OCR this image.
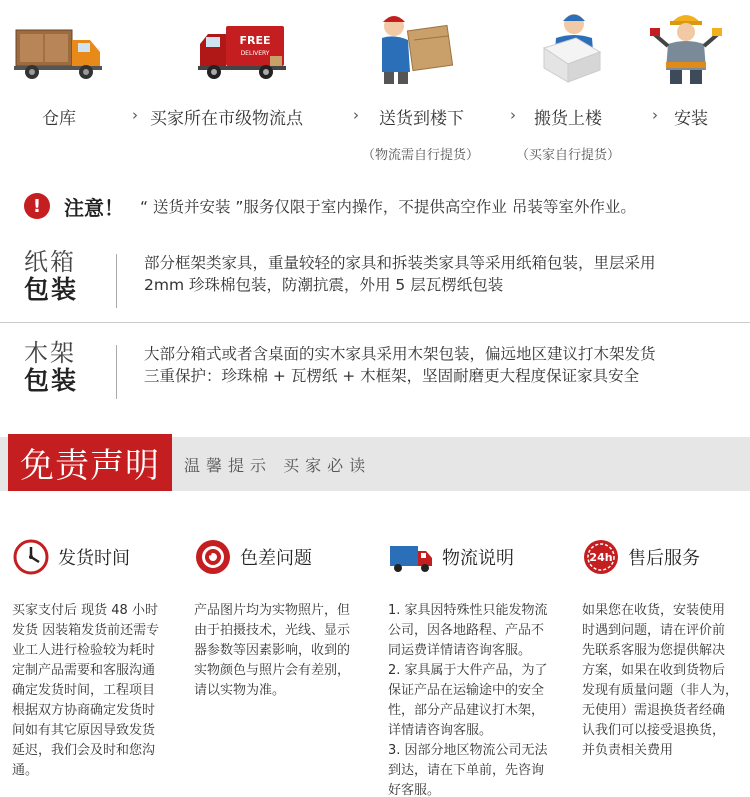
仓库	›
FREE
DELIVERY
买家所在市级物流点	› 送货到楼下
（物流需自行提货）
› 搬货上楼
（买家自行提货）
› 安装
!	注意！ “ 送货并安装 ”服务仅限于室内操作，不提供高空作业 吊装等室外作业。
纸箱
包装
部分框架类家具，重量较轻的家具和拆装类家具等采用纸箱包装，里层采用
2mm 珍珠棉包装，防潮抗震，外用 5 层瓦楞纸包装
木架
包装
大部分箱式或者含桌面的实木家具采用木架包装，偏远地区建议打木架发货
三重保护：珍珠棉 + 瓦楞纸 + 木框架，坚固耐磨更大程度保证家具安全
免责声明	温馨提示 买家必读
发货时间

买家支付后 现货 48 小时

发货 因装箱发货前还需专

业工人进行检验较为耗时

定制产品需要和客服沟通

确定发货时间，工程项目

根据双方协商确定发货时

间如有其它原因导致发货

延迟，我们会及时和您沟

通。

色差问题

产品图片均为实物照片，但

由于拍摄技术，光线、显示

器参数等因素影响，收到的

实物颜色与照片会有差别，

请以实物为准。

物流说明

1. 家具因特殊性只能发物流

公司，因各地路程、产品不

同运费详情请咨询客服。

2. 家具属于大件产品，为了

保证产品在运输途中的安全

性，部分产品建议打木架，

详情请咨询客服。

3. 因部分地区物流公司无法

到达，请在下单前，先咨询

好客服。

24h 售后服务

如果您在收货，安装使用

时遇到问题，请在评价前

先联系客服为您提供解决

方案，如果在收到货物后

发现有质量问题（非人为，

无使用）需退换货者经确

认我们可以接受退换货，

并负责相关费用
